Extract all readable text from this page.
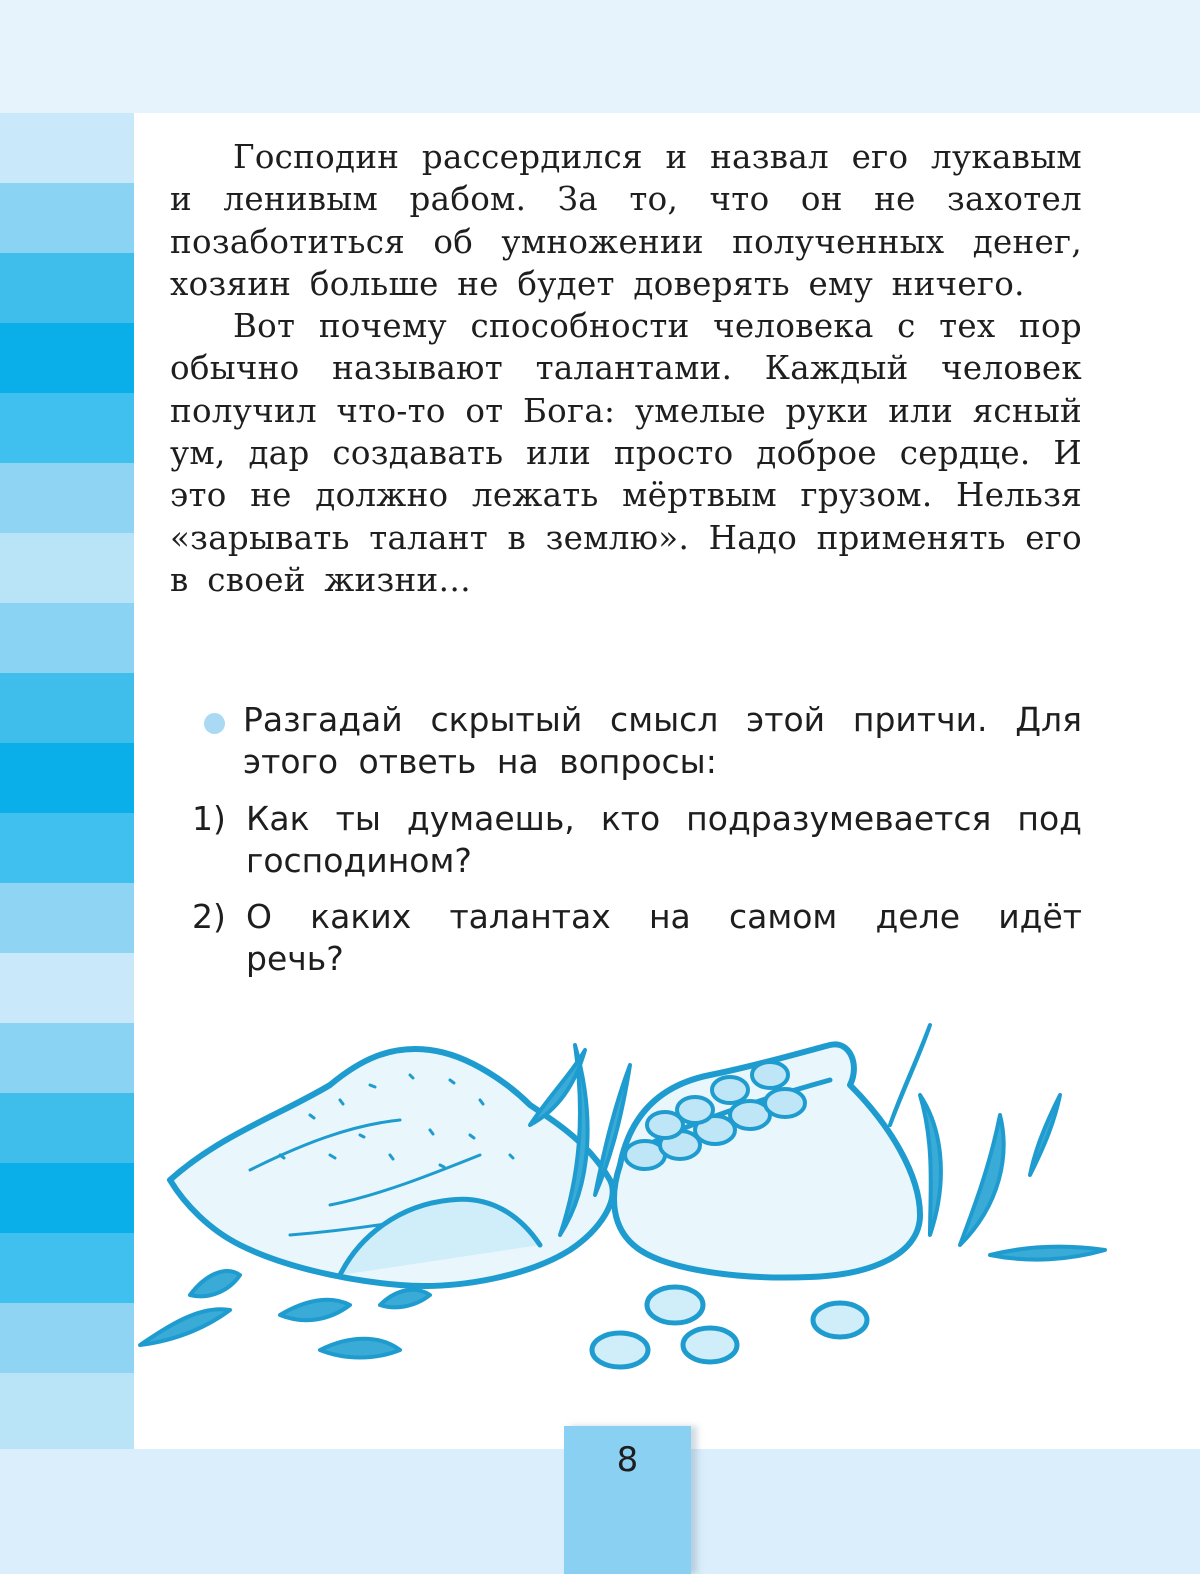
Господин рассердился и назвал его лукавым и ленивым рабом. За то, что он не захотел позаботиться об умножении полученных денег, хозяин больше не будет доверять ему ничего.

Вот почему способности человека с тех пор обычно называют талантами. Каждый человек получил что-то от Бога: умелые руки или ясный ум, дар создавать или просто доброе сердце. И это не должно лежать мёртвым грузом. Нельзя «зарывать талант в землю». Надо применять его в своей жизни…

Разгадай скрытый смысл этой притчи. Для этого ответь на вопросы:
1) Как ты думаешь, кто подразумевается под господином?
2) О каких талантах на самом деле идёт речь?
8
